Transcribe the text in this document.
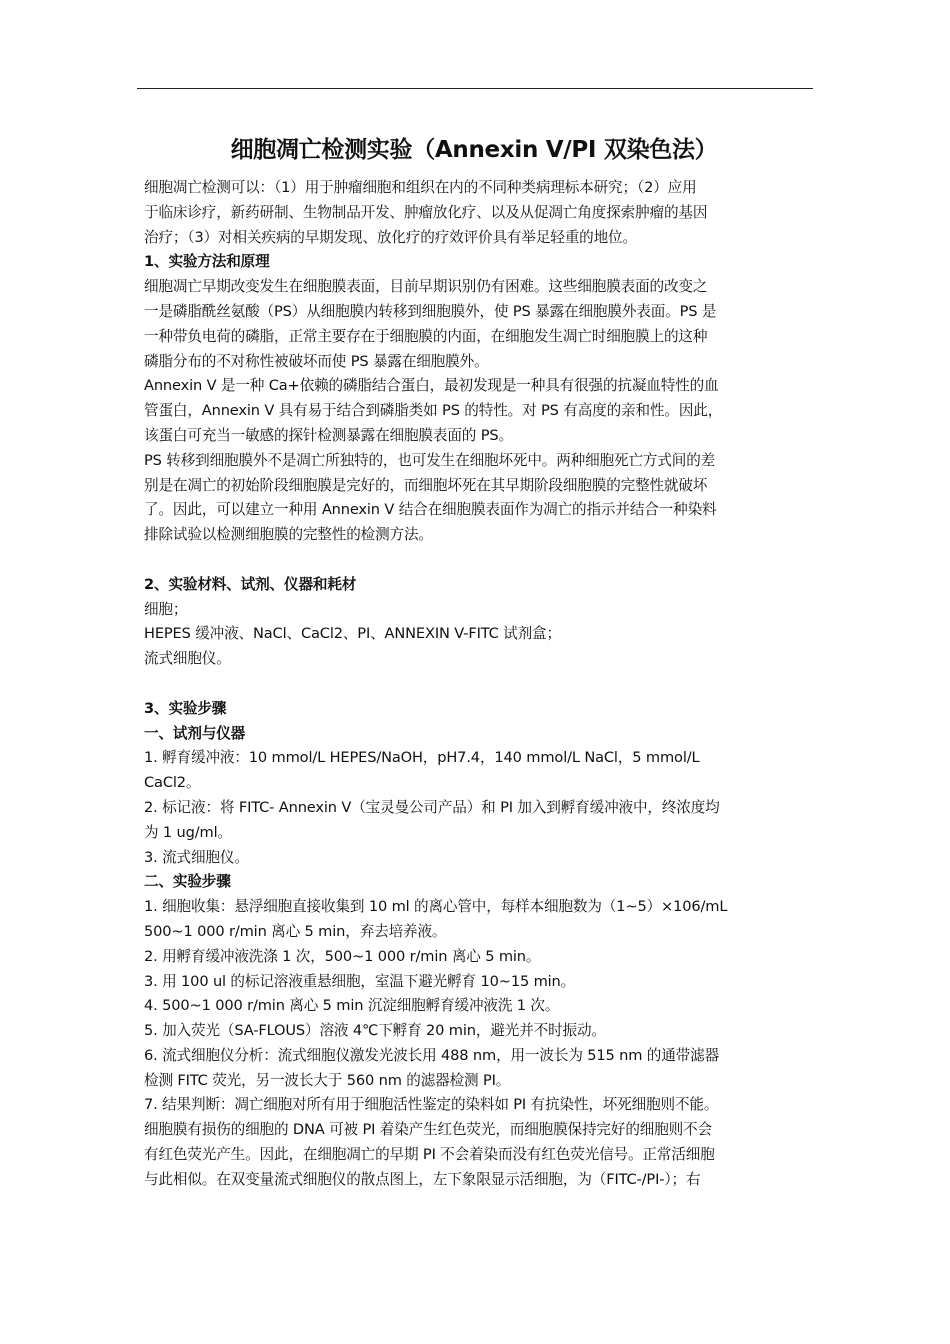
细胞凋亡检测实验（Annexin V/PI 双染色法）
细胞凋亡检测可以：（1）用于肿瘤细胞和组织在内的不同种类病理标本研究；（2）应用
于临床诊疗，新药研制、生物制品开发、肿瘤放化疗、以及从促凋亡角度探索肿瘤的基因
治疗；（3）对相关疾病的早期发现、放化疗的疗效评价具有举足轻重的地位。
1、实验方法和原理
细胞凋亡早期改变发生在细胞膜表面，目前早期识别仍有困难。这些细胞膜表面的改变之
一是磷脂酰丝氨酸（PS）从细胞膜内转移到细胞膜外，使 PS 暴露在细胞膜外表面。PS 是
一种带负电荷的磷脂，正常主要存在于细胞膜的内面，在细胞发生凋亡时细胞膜上的这种
磷脂分布的不对称性被破坏而使 PS 暴露在细胞膜外。
Annexin V 是一种 Ca+依赖的磷脂结合蛋白，最初发现是一种具有很强的抗凝血特性的血
管蛋白，Annexin V 具有易于结合到磷脂类如 PS 的特性。对 PS 有高度的亲和性。因此，
该蛋白可充当一敏感的探针检测暴露在细胞膜表面的 PS。
PS 转移到细胞膜外不是凋亡所独特的，也可发生在细胞坏死中。两种细胞死亡方式间的差
别是在凋亡的初始阶段细胞膜是完好的，而细胞坏死在其早期阶段细胞膜的完整性就破坏
了。因此，可以建立一种用 Annexin V 结合在细胞膜表面作为凋亡的指示并结合一种染料
排除试验以检测细胞膜的完整性的检测方法。
2、实验材料、试剂、仪器和耗材
细胞；
HEPES 缓冲液、NaCl、CaCl2、PI、ANNEXIN V-FITC 试剂盒；
流式细胞仪。
3、实验步骤
一、试剂与仪器
1. 孵育缓冲液：10 mmol/L HEPES/NaOH，pH7.4，140 mmol/L NaCl，5 mmol/L
CaCl2。
2. 标记液：将 FITC- Annexin V（宝灵曼公司产品）和 PI 加入到孵育缓冲液中，终浓度均
为 1 ug/ml。
3. 流式细胞仪。
二、实验步骤
1. 细胞收集：悬浮细胞直接收集到 10 ml 的离心管中，每样本细胞数为（1~5）×106/mL
500~1 000 r/min 离心 5 min，弃去培养液。
2. 用孵育缓冲液洗涤 1 次，500~1 000 r/min 离心 5 min。
3. 用 100 ul 的标记溶液重悬细胞，室温下避光孵育 10~15 min。
4. 500~1 000 r/min 离心 5 min 沉淀细胞孵育缓冲液洗 1 次。
5. 加入荧光（SA-FLOUS）溶液 4℃下孵育 20 min，避光并不时振动。
6. 流式细胞仪分析：流式细胞仪激发光波长用 488 nm，用一波长为 515 nm 的通带滤器
检测 FITC 荧光，另一波长大于 560 nm 的滤器检测 PI。
7. 结果判断：凋亡细胞对所有用于细胞活性鉴定的染料如 PI 有抗染性，坏死细胞则不能。
细胞膜有损伤的细胞的 DNA 可被 PI 着染产生红色荧光，而细胞膜保持完好的细胞则不会
有红色荧光产生。因此，在细胞凋亡的早期 PI 不会着染而没有红色荧光信号。正常活细胞
与此相似。在双变量流式细胞仪的散点图上，左下象限显示活细胞，为（FITC-/PI-）；右
